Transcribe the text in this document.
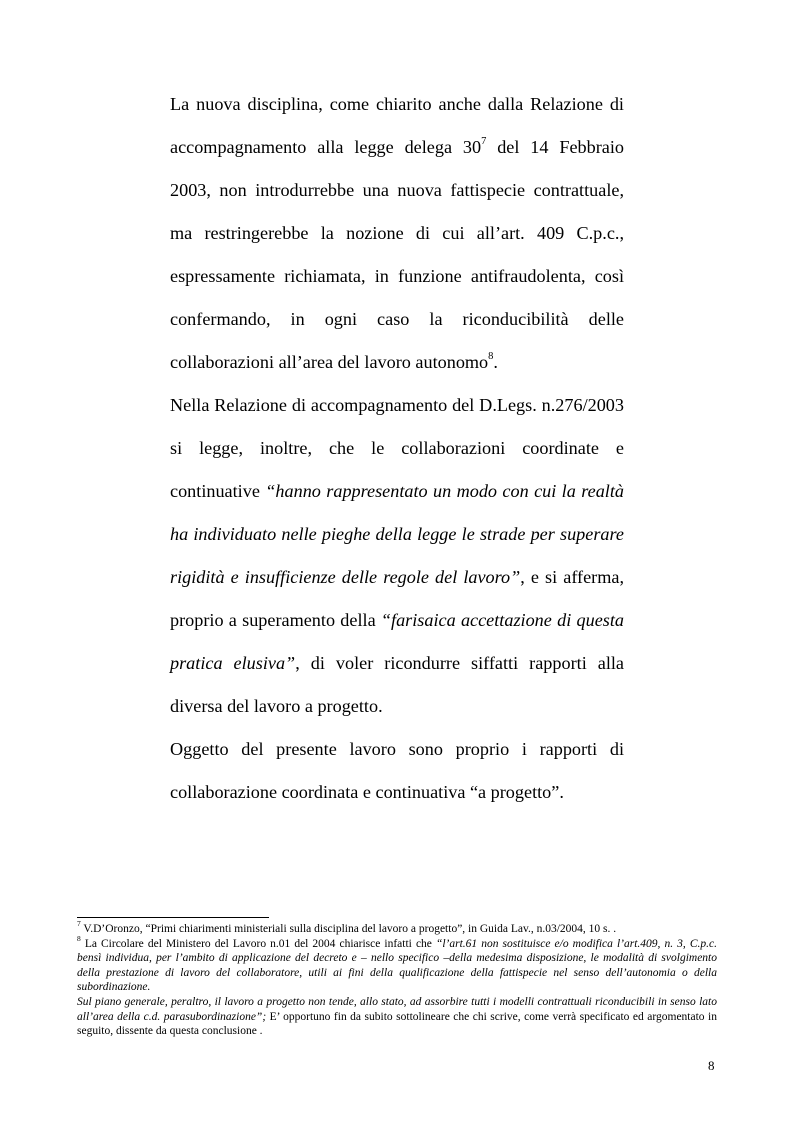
La nuova disciplina, come chiarito anche dalla Relazione di accompagnamento alla legge delega $30^7$ del 14 Febbraio 2003, non introdurrebbe una nuova fattispecie contrattuale, ma restringerebbe la nozione di cui all’art. 409 C.p.c., espressamente richiamata, in funzione antifraudolenta, così confermando, in ogni caso la riconducibilità delle collaborazioni all’area del lavoro autonomo$^8$.

Nella Relazione di accompagnamento del D.Legs. n.276/2003 si legge, inoltre, che le collaborazioni coordinate e continuative “hanno rappresentato un modo con cui la realtà ha individuato nelle pieghe della legge le strade per superare rigidità e insufficienze delle regole del lavoro”, e si afferma, proprio a superamento della “farisaica accettazione di questa pratica elusiva”, di voler ricondurre siffatti rapporti alla diversa del lavoro a progetto.

Oggetto del presente lavoro sono proprio i rapporti di collaborazione coordinata e continuativa “a progetto”.

$^7$ V.D’Oronzo, “Primi chiarimenti ministeriali sulla disciplina del lavoro a progetto”, in Guida Lav., n.03/2004, 10 s. .

$^8$ La Circolare del Ministero del Lavoro n.01 del 2004 chiarisce infatti che “l’art.61 non sostituisce e/o modifica l’art.409, n. 3, C.p.c. bensì individua, per l’ambito di applicazione del decreto e – nello specifico –della medesima disposizione, le modalità di svolgimento della prestazione di lavoro del collaboratore, utili ai fini della qualificazione della fattispecie nel senso dell’autonomia o della subordinazione.

Sul piano generale, peraltro, il lavoro a progetto non tende, allo stato, ad assorbire tutti i modelli contrattuali riconducibili in senso lato all’area della c.d. parasubordinazione”; E’ opportuno fin da subito sottolineare che chi scrive, come verrà specificato ed argomentato in seguito, dissente da questa conclusione .

8
